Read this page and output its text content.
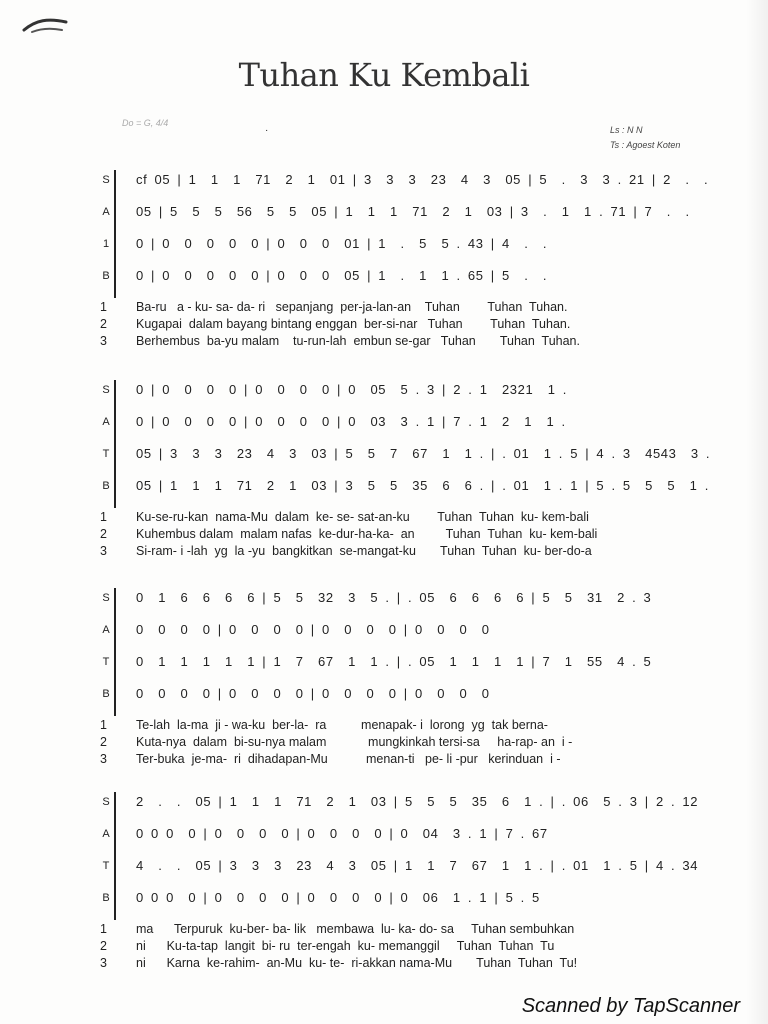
Tuhan Ku Kembali
Do = G, 4/4
·	Ls : N N
Ts : Agoest Koten
S cf 05 | 1  1  1  71  2  1  01 | 3  3  3  23  4  3  05 | 5  .  3  3 . 21 | 2  .  .
A 05 | 5  5  5  56  5  5  05 | 1  1  1  71  2  1  03 | 3  .  1  1 . 71 | 7  .  .
1 0 | 0  0  0  0  0 | 0  0  0  01 | 1  .  5  5 . 43 | 4  .  .
B 0 | 0  0  0  0  0 | 0  0  0  05 | 1  .  1  1 . 65 | 5  .  .
1 Ba-ru   a - ku- sa- da- ri   sepanjang  per-ja-lan-an    Tuhan        Tuhan  Tuhan.
2 Kugapai  dalam bayang bintang enggan  ber-si-nar   Tuhan        Tuhan  Tuhan.
3 Berhembus  ba-yu malam    tu-run-lah  embun se-gar   Tuhan       Tuhan  Tuhan.
S 0 | 0  0  0  0 | 0  0  0  0 | 0  05  5 . 3 | 2 . 1  2321  1 .
A 0 | 0  0  0  0 | 0  0  0  0 | 0  03  3 . 1 | 7 . 1  2  1  1 .
T 05 | 3  3  3  23  4  3  03 | 5  5  7  67  1  1 . | . 01  1 . 5 | 4 . 3  4543  3 .
B 05 | 1  1  1  71  2  1  03 | 3  5  5  35  6  6 . | . 01  1 . 1 | 5 . 5  5  5  1 .
1 Ku-se-ru-kan  nama-Mu  dalam  ke- se- sat-an-ku        Tuhan  Tuhan  ku- kem-bali
2 Kuhembus dalam  malam nafas  ke-dur-ha-ka-  an         Tuhan  Tuhan  ku- kem-bali
3 Si-ram- i -lah  yg  la -yu  bangkitkan  se-mangat-ku       Tuhan  Tuhan  ku- ber-do-a
S 0  1  6  6  6  6 | 5  5  32  3  5 . | . 05  6  6  6  6 | 5  5  31  2 . 3
A 0  0  0  0 | 0  0  0  0 | 0  0  0  0 | 0  0  0  0
T 0  1  1  1  1  1 | 1  7  67  1  1 . | . 05  1  1  1  1 | 7  1  55  4 . 5
B 0  0  0  0 | 0  0  0  0 | 0  0  0  0 | 0  0  0  0
1 Te-lah  la-ma  ji - wa-ku  ber-la-  ra          menapak- i  lorong  yg  tak berna-
2 Kuta-nya  dalam  bi-su-nya malam            mungkinkah tersi-sa     ha-rap- an  i -
3 Ter-buka  je-ma-  ri  dihadapan-Mu           menan-ti   pe- li -pur   kerinduan  i -
S 2  .  .  05 | 1  1  1  71  2  1  03 | 5  5  5  35  6  1 . | . 06  5 . 3 | 2 . 12
A 0 0 0  0 | 0  0  0  0 | 0  0  0  0 | 0  04  3 . 1 | 7 . 67
T 4  .  .  05 | 3  3  3  23  4  3  05 | 1  1  7  67  1  1 . | . 01  1 . 5 | 4 . 34
B 0 0 0  0 | 0  0  0  0 | 0  0  0  0 | 0  06  1 . 1 | 5 . 5
1 ma      Terpuruk  ku-ber- ba- lik   membawa  lu- ka- do- sa     Tuhan sembuhkan
2 ni      Ku-ta-tap  langit  bi- ru  ter-engah  ku- memanggil     Tuhan  Tuhan  Tu
3 ni      Karna  ke-rahim-  an-Mu  ku- te-  ri-akkan nama-Mu       Tuhan  Tuhan  Tu!
Scanned by TapScanner
